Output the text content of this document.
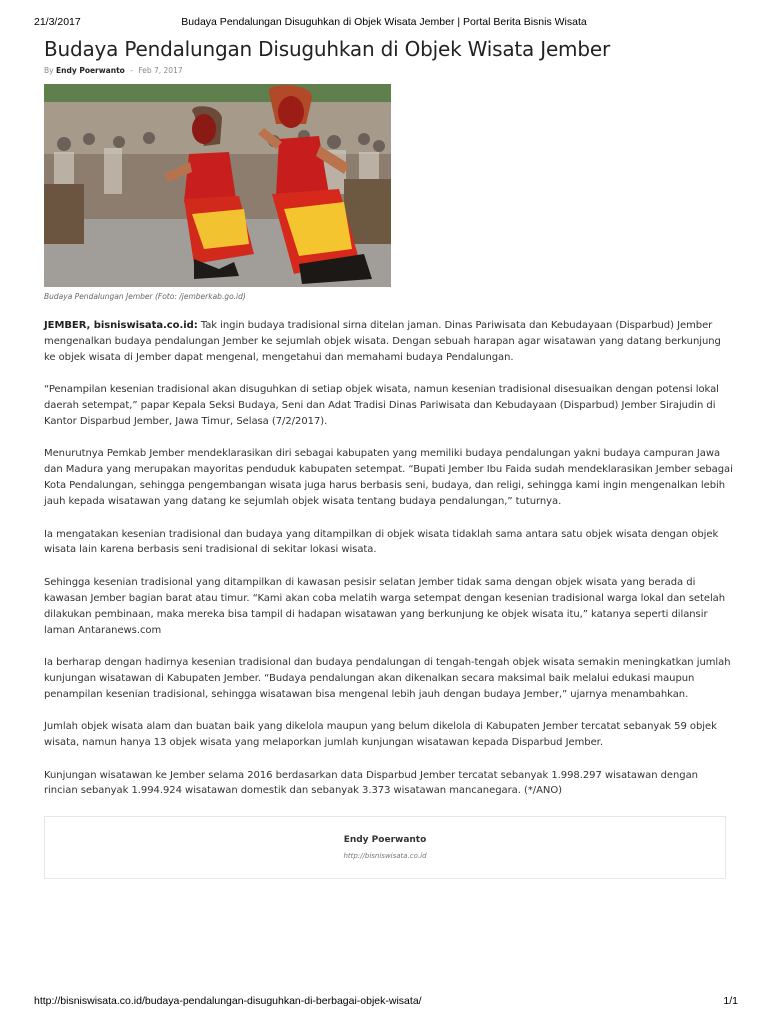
21/3/2017	Budaya Pendalungan Disuguhkan di Objek Wisata Jember | Portal Berita Bisnis Wisata
Budaya Pendalungan Disuguhkan di Objek Wisata Jember
By Endy Poerwanto - Feb 7, 2017
Budaya Pendalungan Jember (Foto: /jemberkab.go.id)

JEMBER, bisniswisata.co.id: Tak ingin budaya tradisional sirna ditelan jaman. Dinas Pariwisata dan Kebudayaan (Disparbud) Jember mengenalkan budaya pendalungan Jember ke sejumlah objek wisata. Dengan sebuah harapan agar wisatawan yang datang berkunjung ke objek wisata di Jember dapat mengenal, mengetahui dan memahami budaya Pendalungan.

“Penampilan kesenian tradisional akan disuguhkan di setiap objek wisata, namun kesenian tradisional disesuaikan dengan potensi lokal daerah setempat,” papar Kepala Seksi Budaya, Seni dan Adat Tradisi Dinas Pariwisata dan Kebudayaan (Disparbud) Jember Sirajudin di Kantor Disparbud Jember, Jawa Timur, Selasa (7/2/2017).

Menurutnya Pemkab Jember mendeklarasikan diri sebagai kabupaten yang memiliki budaya pendalungan yakni budaya campuran Jawa dan Madura yang merupakan mayoritas penduduk kabupaten setempat. “Bupati Jember Ibu Faida sudah mendeklarasikan Jember sebagai Kota Pendalungan, sehingga pengembangan wisata juga harus berbasis seni, budaya, dan religi, sehingga kami ingin mengenalkan lebih jauh kepada wisatawan yang datang ke sejumlah objek wisata tentang budaya pendalungan,” tuturnya.

Ia mengatakan kesenian tradisional dan budaya yang ditampilkan di objek wisata tidaklah sama antara satu objek wisata dengan objek wisata lain karena berbasis seni tradisional di sekitar lokasi wisata.

Sehingga kesenian tradisional yang ditampilkan di kawasan pesisir selatan Jember tidak sama dengan objek wisata yang berada di kawasan Jember bagian barat atau timur. “Kami akan coba melatih warga setempat dengan kesenian tradisional warga lokal dan setelah dilakukan pembinaan, maka mereka bisa tampil di hadapan wisatawan yang berkunjung ke objek wisata itu,” katanya seperti dilansir laman Antaranews.com

Ia berharap dengan hadirnya kesenian tradisional dan budaya pendalungan di tengah-tengah objek wisata semakin meningkatkan jumlah kunjungan wisatawan di Kabupaten Jember. “Budaya pendalungan akan dikenalkan secara maksimal baik melalui edukasi maupun penampilan kesenian tradisional, sehingga wisatawan bisa mengenal lebih jauh dengan budaya Jember,” ujarnya menambahkan.

Jumlah objek wisata alam dan buatan baik yang dikelola maupun yang belum dikelola di Kabupaten Jember tercatat sebanyak 59 objek wisata, namun hanya 13 objek wisata yang melaporkan jumlah kunjungan wisatawan kepada Disparbud Jember.

Kunjungan wisatawan ke Jember selama 2016 berdasarkan data Disparbud Jember tercatat sebanyak 1.998.297 wisatawan dengan rincian sebanyak 1.994.924 wisatawan domestik dan sebanyak 3.373 wisatawan mancanegara. (*/ANO)

Endy Poerwanto
http://bisniswisata.co.id
http://bisniswisata.co.id/budaya-pendalungan-disuguhkan-di-berbagai-objek-wisata/	1/1
